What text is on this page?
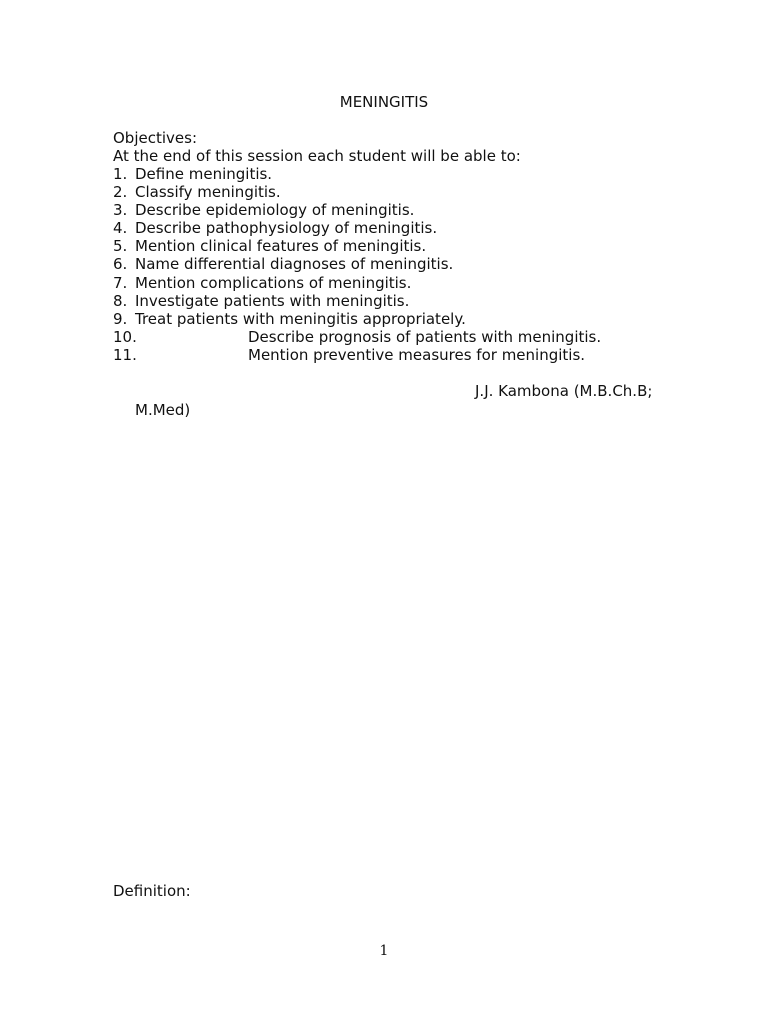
MENINGITIS
Objectives:
At the end of this session each student will be able to:
1. Define meningitis.
2. Classify meningitis.
3. Describe epidemiology of meningitis.
4. Describe pathophysiology of meningitis.
5. Mention clinical features of meningitis.
6. Name differential diagnoses of meningitis.
7. Mention complications of meningitis.
8. Investigate patients with meningitis.
9. Treat patients with meningitis appropriately.
10.	Describe prognosis of patients with meningitis.
11.	Mention preventive measures for meningitis.
J.J. Kambona (M.B.Ch.B;
M.Med)
Definition:
1
